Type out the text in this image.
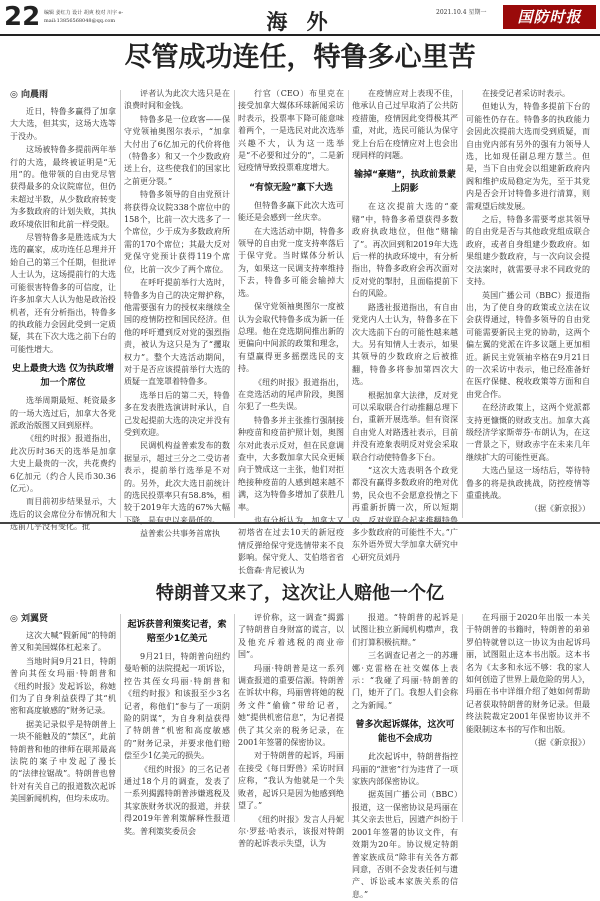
22 编辑 姜红力 设计 胡爽 校对 川宇 e-mail:13856568048@qq.com	海 外	2021.10.4 星期一	国防时报
尽管成功连任，特鲁多心里苦
◎ 向晨雨

近日，特鲁多赢得了加拿大大选，但其实，这场大选等于没办。

这场被特鲁多提前两年举行的大选，最终被证明是“无用”的。他带领的自由党尽管获得最多的众议院席位，但仍未超过半数，从少数政府转变为多数政府的计划失败，其执政环境依旧和此前一样受限。

尽管特鲁多是胜选成为大选的赢家，成功连任总理并开始自己的第三个任期，但批评人士认为，这场提前行的大选可能很害特鲁多的可信度，让许多加拿大人认为他是政治投机者，还有分析指出，特鲁多的执政能力会因此受到一定质疑，其在下次大选之前下台的可能性增大。

史上最贵大选 仅为执政增加一个席位

选举周期最短、耗资最多的一场大选过后，加拿大各党派政治版图又回到原样。

《纽约时报》报道指出，此次历时36天的选举是加拿大史上最贵的一次，共花费约6亿加元（约合人民币30.36亿元）。

而目前初步结果显示，大选后的议会席位分布情况和大选前几乎没有变化。批

评者认为此次大选只是在浪费时间和金钱。

特鲁多是一位政客——保守党领袖奥图尔表示，“加拿大付出了6亿加元的代价将他（特鲁多）和又一个少数政府送上台，这些使我们的国家比之前更分裂。”

特鲁多领导的自由党预计将获得众议院338个席位中的158个，比前一次大选多了一个席位，少于成为多数政府所需的170个席位；其最大反对党保守党预计获得119个席位，比前一次少了两个席位。

在呼吁提前举行大选时，特鲁多为自己的决定辩护称，他需要强有力的授权来继续全国的疫情防控和国民经济。但他的呼吁遭到反对党的强烈指责，被认为这只是为了“攫取权力”。整个大选活动期间，对于是否应该提前举行大选的质疑一直笼罩着特鲁多。

选举日后的第二天，特鲁多在发表胜选演讲时承认，自己发起提前大选的决定并没有受到欢迎。

民调机构益普索发布的数据显示，超过三分之二受访者表示，提前举行选举是不对的。另外，此次大选日前统计的选民投票率只有58.8%，相较于2019年大选的67%大幅下降，是有史以来最低的。

益普索公共事务首席执

行官（CEO）布里克在接受加拿大媒体环球新闻采访时表示，投票率下降可能意味着两个，一是选民对此次选举兴趣不大，认为这一选举是“不必要和过分的”，二是新冠疫情导致投票难度增大。

“有惊无险”赢下大选

但特鲁多赢下此次大选可能还是会感到一丝庆幸。

在大选活动中期，特鲁多领导的自由党一度支持率落后于保守党。当时媒体分析认为，如果这一民调支持率维持下去，特鲁多可能会输掉大选。

保守党领袖奥图尔一度被认为会取代特鲁多成为新一任总理。他在竞选期间推出新的更偏向中间派的政策和理念，有望赢得更多摇摆选民的支持。

《纽约时报》报道指出，在竞选活动的尾声阶段，奥图尔犯了一些失误。

特鲁多并主张推行强制接种疫苗和疫苗护照计划，奥图尔对此表示反对，但在民意调查中，大多数加拿大民众更倾向于赞成这一主张，他们对拒绝接种疫苗的人感到越来越不满，这为特鲁多增加了获胜几率。

也有分析认为，加拿大又初塔省在过去10天的新冠疫情反弹给保守党选情带来不良影响。保守党人、艾伯塔省省长詹森·肯尼被认为

在疫情应对上表现不佳，他承认自己过早取消了公共防疫措施，疫情因此变得极其严重，对此，选民可能认为保守党上台后在疫情应对上也会出现同样的问题。

输掉“豪赌”，执政前景蒙上阴影

在这次提前大选的“豪赌”中，特鲁多希望获得多数政府执政地位，但他“赌输了”。再次回到和2019年大选后一样的执政环境中，有分析指出，特鲁多政府会再次面对反对党的掣肘，且面临提前下台的风险。

路透社报道指出，有自由党党内人士认为，特鲁多在下次大选前下台的可能性越来越大。另有知情人士表示，如果其领导的少数政府之后被推翻，特鲁多将参加第四次大选。

根据加拿大法律，反对党可以采取联合行动推翻总理下台，重新开展选举。但有资深自由党人对路透社表示，目前并没有迹象表明反对党会采取联合行动使特鲁多下台。

“这次大选表明各个政党都没有赢得多数政府的绝对优势，民众也不会愿意投情之下再重新折腾一次，所以短期内，反对党联合起来推翻特鲁多少数政府的可能性不大。”广东外语外贸大学加拿大研究中心研究员刘丹

在接受记者采访时表示。

但她认为，特鲁多提前下台的可能性仍存在。特鲁多的执政能力会因此次提前大选而受到质疑，而自由党内部有另外的强有力领导人选，比如现任副总理方慧兰。但是，当下自由党会以组建新政府内阁和维护成局稳定为先，至于其党内是否会开讨特鲁多进行清算，则需观望后续发展。

之后，特鲁多需要考虑其领导的自由党是否与其他政党组成联合政府，或者自身组建少数政府。如果组建少数政府，与一次向议会提交法案时，就需要寻求不同政党的支持。

英国广播公司（BBC）报道指出，为了使自身的政策或立法在议会获得通过，特鲁多领导的自由党可能需要新民主党的协助，这两个偏左翼的党派在许多议题上更加相近。新民主党领袖辛格在9月21日的一次采访中表示，他已经准备好在医疗保健、税收政策等方面和自由党合作。

在经济政策上，这两个党派都支持更慷慨的财政支出。加拿大高级经济学家斯蒂芬·布朗认为，在这一背景之下，财政赤字在未来几年继续扩大的可能性更高。

大选凸显这一场结后，等待特鲁多的将是执政挑战，防控疫情等重重挑战。

（据《新京报》）
特朗普又来了，这次让人赔他一个亿
◎ 刘翼贤

这次大喊“假新闻”的特朗普又和美国媒体杠起来了。

当地时间9月21日，特朗普向其侄女玛丽·特朗普和《纽约时报》发起诉讼，称她们为了自身利益获得了其“机密和高度敏感的”财务记录。

据美记录似乎是特朗普上一块不能触及的“禁区”，此前特朗普和他的律师在联邦最高法院的案子中发起了漫长的“法律拉锯战”。特朗普也曾针对有关自己的报道数次起诉美国新闻机构，但均未成功。

起诉获普利策奖记者，索赔至少1亿美元

9月21日，特朗普向纽约曼哈顿的法院提起一项诉讼，控告其侄女玛丽·特朗普和《纽约时报》和该报至少3名记者，称他们“参与了一项阴险的阴谋”，为自身利益获得了特朗普“机密和高度敏感的”财务记录，并要求他们赔偿至少1亿美元的损失。

《纽约时报》的三名记者通过18个月的调查，发表了一系列揭露特朗普涉嫌逃税及其家族财务状况的报道，并获得2019年普利策解释性报道奖。普利策奖委员会

评价称，这一调查“揭露了特朗普自身财富的谎言，以及他充斥着逃税的商业帝国”。

玛丽·特朗普是这一系列调查报道的重要信源。特朗普在诉状中称，玛丽曾将她的税务文件“偷偷”带给记者，她“提供机密信息”，为记者提供了其父亲的税务记录，在2001年签署的保密协议。

对于特朗普的起诉，玛丽在接受《每日野兽》采访时回应称，“我认为他就是一个失败者，起诉只是因为他感到绝望了。”

《纽约时报》发言人丹妮尔·罗兹·哈表示，该报对特朗普的起诉表示失望，认为

报道。“特朗普的起诉是试图让独立新闻机构噤声，我们打算积极抗辩。”

三名调查记者之一的苏珊娜·克雷格在社交媒体上表示：“我碰了玛丽·特朗普的门，她开了门。我想人们会称之为新闻。”

曾多次起诉媒体，这次可能也不会成功

此次起诉中，特朗普指控玛丽的“泄密”行为违背了一项家族内部保密协议。

据英国广播公司（BBC）报道，这一保密协议是玛丽在其父亲去世后，因遗产纠纷于2001年签署的协议文件，有效期为20年。协议规定特朗普家族成员“除非有关各方都同意，否则不会发表任何与遗产、诉讼或本家族关系的信息。”

在玛丽于2020年出版一本关于特朗普的书籍时，特朗普的弟弟罗伯特就曾以这一协议为由起诉玛丽，试图阻止这本书出版。这本书名为《太多和永远不够：我的家人如何创造了世界上最危险的男人》，玛丽在书中详细介绍了她如何帮助记者获取特朗普的财务记录。但最终法院裁定2001年保密协议并不能限制这本书的写作和出版。

（据《新京报》）
